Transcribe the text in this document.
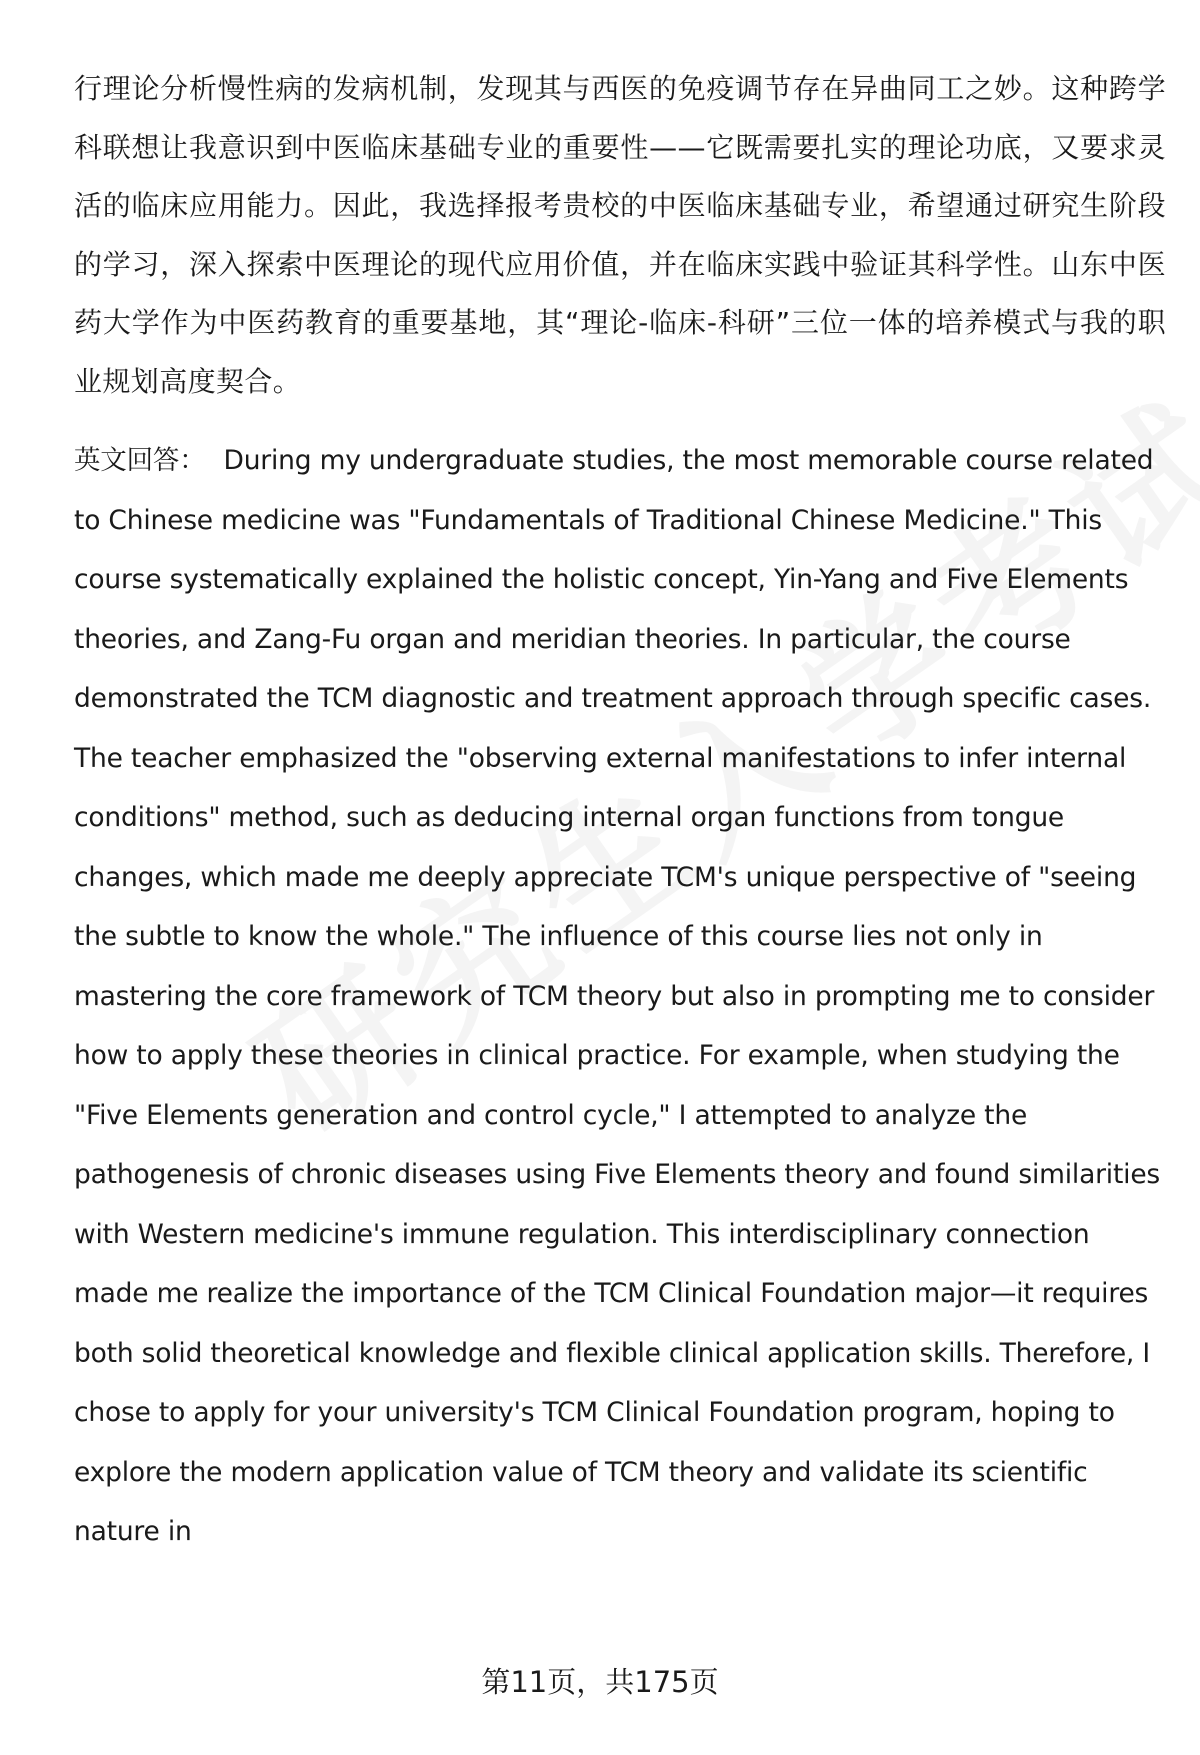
行理论分析慢性病的发病机制，发现其与西医的免疫调节存在异曲同工之妙。这种跨学科联想让我意识到中医临床基础专业的重要性——它既需要扎实的理论功底，又要求灵活的临床应用能力。因此，我选择报考贵校的中医临床基础专业，希望通过研究生阶段的学习，深入探索中医理论的现代应用价值，并在临床实践中验证其科学性。山东中医药大学作为中医药教育的重要基地，其“理论-临床-科研”三位一体的培养模式与我的职业规划高度契合。

英文回答： During my undergraduate studies, the most memorable course related to Chinese medicine was "Fundamentals of Traditional Chinese Medicine." This course systematically explained the holistic concept, Yin-Yang and Five Elements theories, and Zang-Fu organ and meridian theories. In particular, the course demonstrated the TCM diagnostic and treatment approach through specific cases. The teacher emphasized the "observing external manifestations to infer internal conditions" method, such as deducing internal organ functions from tongue changes, which made me deeply appreciate TCM's unique perspective of "seeing the subtle to know the whole." The influence of this course lies not only in mastering the core framework of TCM theory but also in prompting me to consider how to apply these theories in clinical practice. For example, when studying the "Five Elements generation and control cycle," I attempted to analyze the pathogenesis of chronic diseases using Five Elements theory and found similarities with Western medicine's immune regulation. This interdisciplinary connection made me realize the importance of the TCM Clinical Foundation major—it requires both solid theoretical knowledge and flexible clinical application skills. Therefore, I chose to apply for your university's TCM Clinical Foundation program, hoping to explore the modern application value of TCM theory and validate its scientific nature in

第11页，共175页
